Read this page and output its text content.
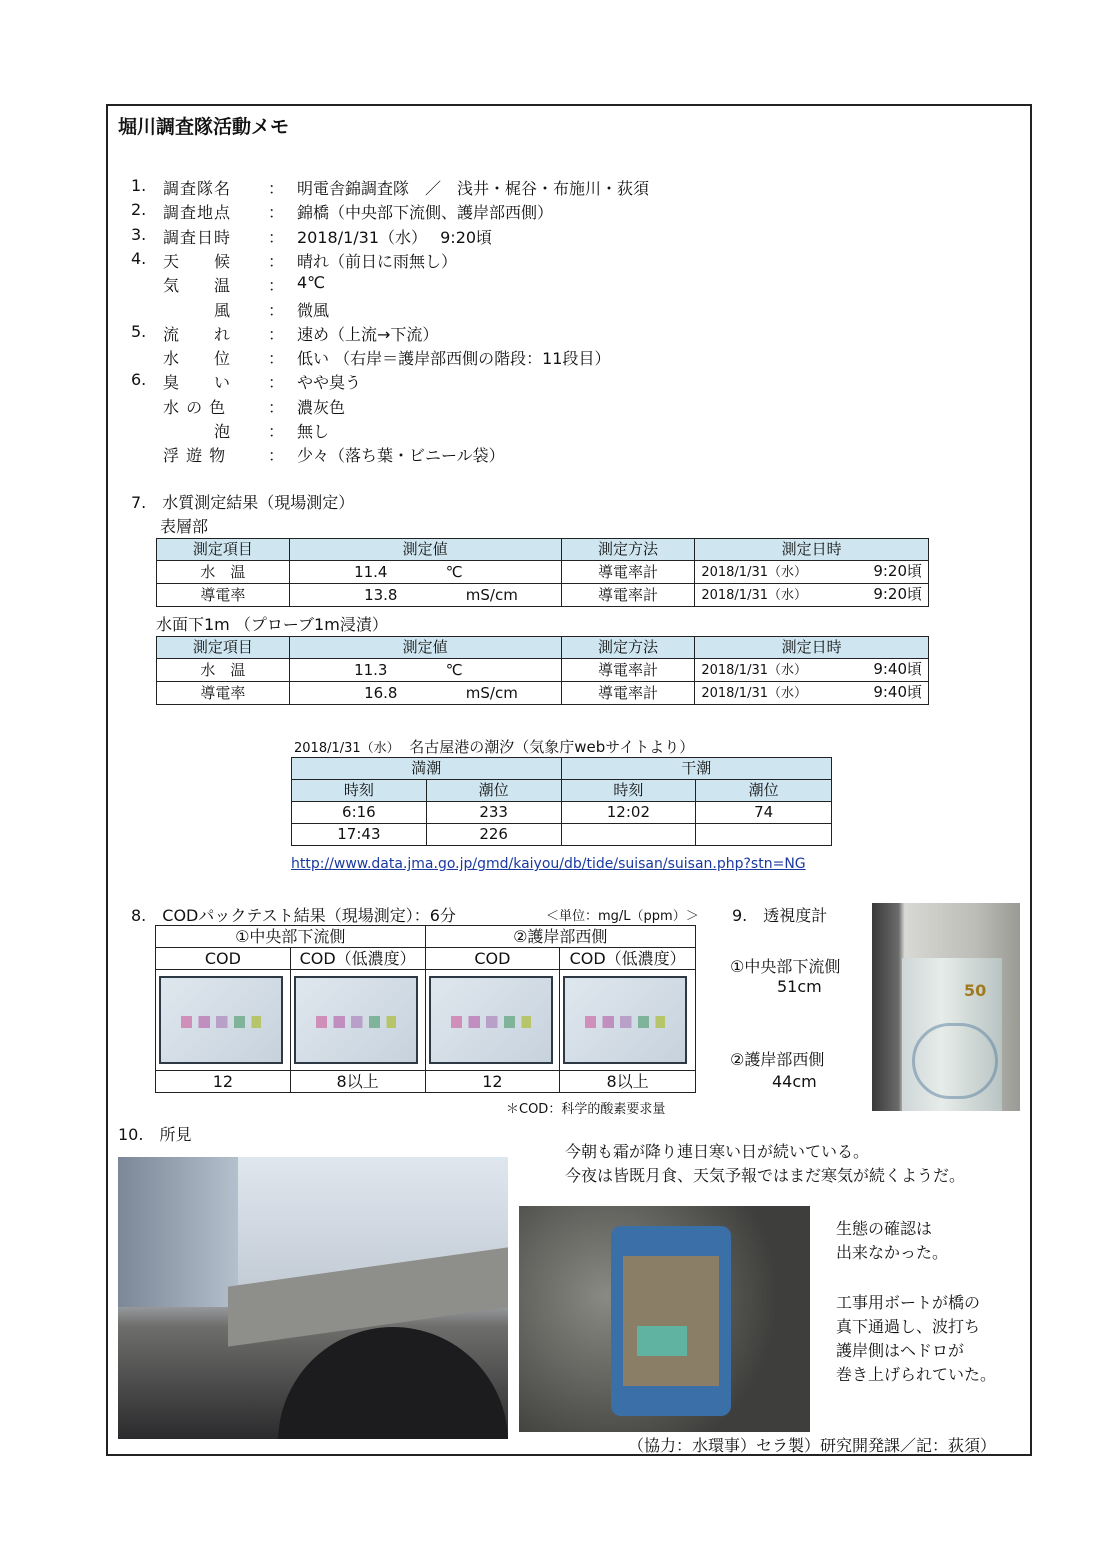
堀川調査隊活動メモ
1. 調査隊名 ： 明電舎錦調査隊　／　浅井・梶谷・布施川・荻須
2. 調査地点 ： 錦橋（中央部下流側、護岸部西側）
3. 調査日時 ： 2018/1/31（水）　 9:20頃
4. 天　　候 ： 晴れ（前日に雨無し）
気　　温 ： 4℃
　　　風 ： 微風
5. 流　　れ ： 速め（上流→下流）
水　　位 ： 低い （右岸＝護岸部西側の階段：11段目）
6. 臭　　い ： やや臭う
水 の 色	： 濃灰色
　　　泡 ： 無し
浮 遊 物	： 少々（落ち葉・ビニール袋）
7.　水質測定結果（現場測定）
表層部
測定項目	測定値	測定方法	測定日時
水　温	11.4 ℃	導電率計	2018/1/31（水） 9:20頃

導電率	13.8 mS/cm	導電率計	2018/1/31（水） 9:20頃
水面下1m （プローブ1m浸漬）
測定項目	測定値	測定方法	測定日時
水　温	11.3 ℃	導電率計	2018/1/31（水） 9:40頃

導電率	16.8 mS/cm	導電率計	2018/1/31（水） 9:40頃
2018/1/31（水） 名古屋港の潮汐（気象庁webサイトより）
満潮		干潮	
時刻	潮位	時刻	潮位
6:16	233	12:02	74
17:43	226		
http://www.data.jma.go.jp/gmd/kaiyou/db/tide/suisan/suisan.php?stn=NG
8.　CODパックテスト結果（現場測定）：6分	＜単位：mg/L（ppm）＞
①中央部下流側		②護岸部西側	
COD	COD（低濃度）	COD	COD（低濃度）

12	8以上	12	8以上
＊COD：科学的酸素要求量
9.　透視度計
①中央部下流側
51cm
②護岸部西側
44cm
50
10.　所見
今朝も霜が降り連日寒い日が続いている。
今夜は皆既月食、天気予報ではまだ寒気が続くようだ。
生態の確認は
出来なかった。
工事用ボートが橋の
真下通過し、波打ち
護岸側はヘドロが
巻き上げられていた。
（協力：水環事）セラ製）研究開発課／記：荻須）
